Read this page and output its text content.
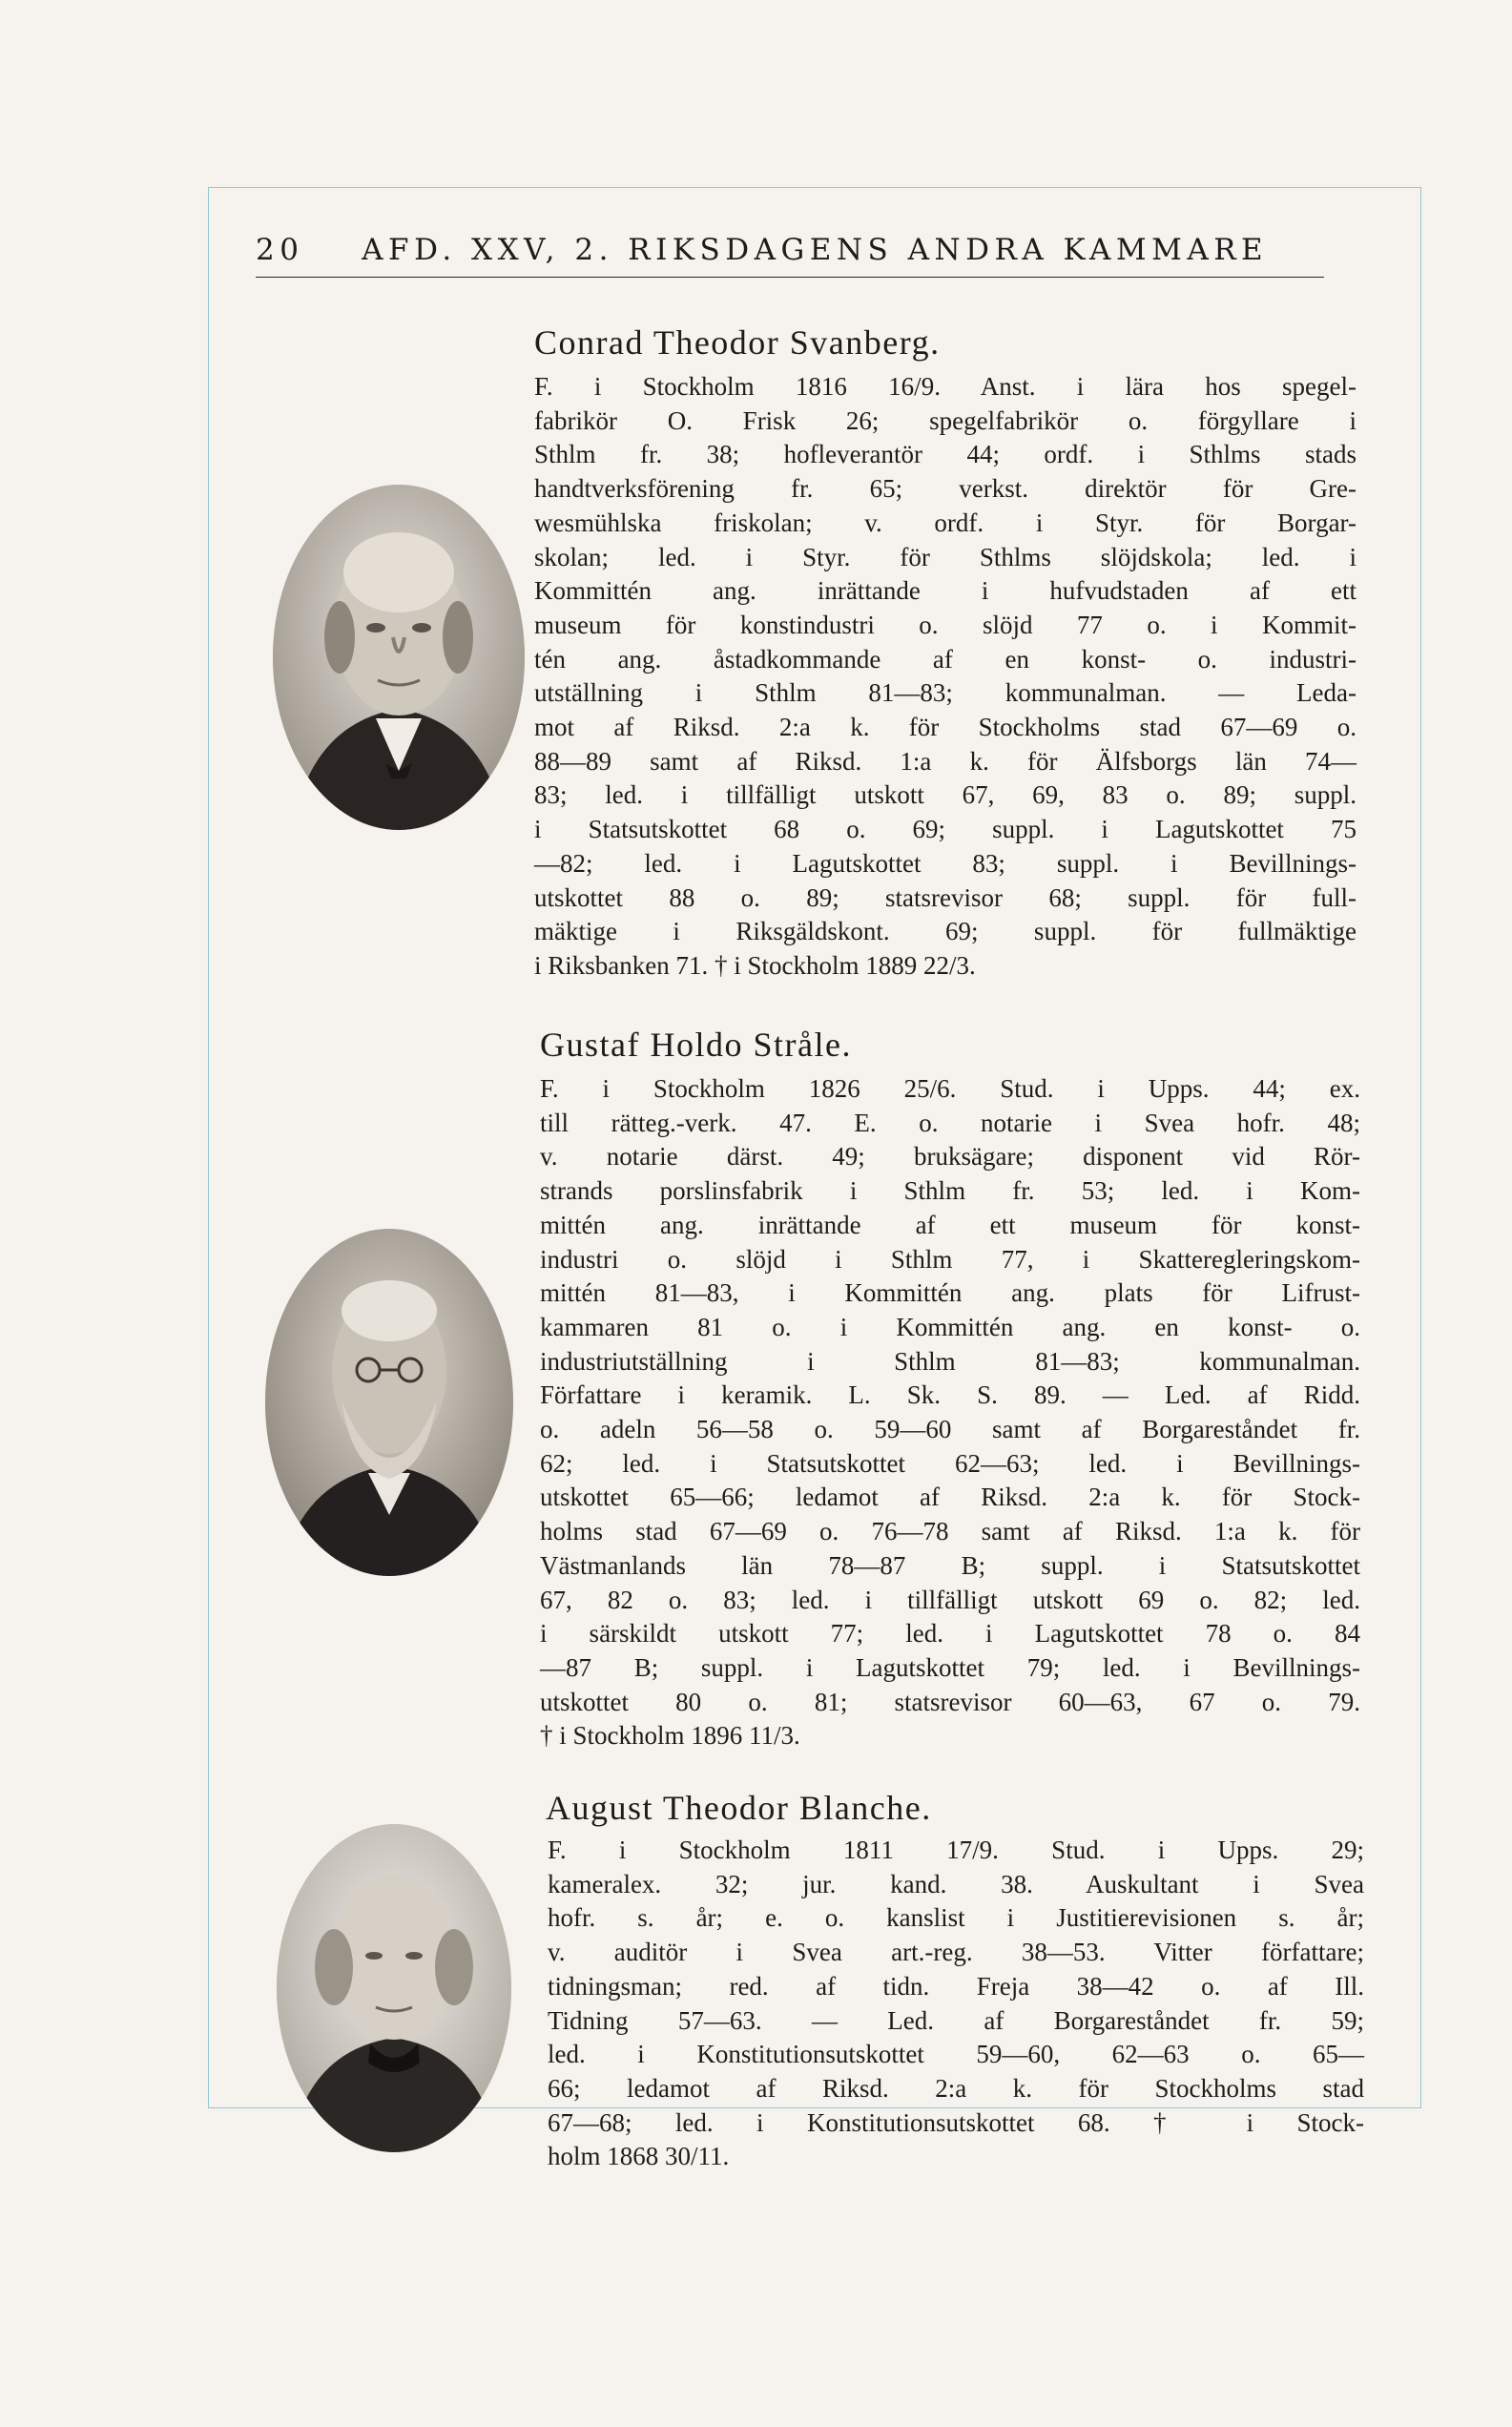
20 AFD. XXV, 2. RIKSDAGENS ANDRA KAMMARE
Conrad Theodor Svanberg.
F. i Stockholm 1816 16/9. Anst. i lära hos spegel-
fabrikör O. Frisk 26; spegelfabrikör o. förgyllare i
Sthlm fr. 38; hofleverantör 44; ordf. i Sthlms stads
handtverksförening fr. 65; verkst. direktör för Gre-
wesmühlska friskolan; v. ordf. i Styr. för Borgar-
skolan; led. i Styr. för Sthlms slöjdskola; led. i
Kommittén ang. inrättande i hufvudstaden af ett
museum för konstindustri o. slöjd 77 o. i Kommit-
tén ang. åstadkommande af en konst- o. industri-
utställning i Sthlm 81—83; kommunalman. — Leda-
mot af Riksd. 2:a k. för Stockholms stad 67—69 o.
88—89 samt af Riksd. 1:a k. för Älfsborgs län 74—
83; led. i tillfälligt utskott 67, 69, 83 o. 89; suppl.
i Statsutskottet 68 o. 69; suppl. i Lagutskottet 75
—82; led. i Lagutskottet 83; suppl. i Bevillnings-
utskottet 88 o. 89; statsrevisor 68; suppl. för full-
mäktige i Riksgäldskont. 69; suppl. för fullmäktige
i Riksbanken 71. † i Stockholm 1889 22/3.
Gustaf Holdo Stråle.
F. i Stockholm 1826 25/6. Stud. i Upps. 44; ex.
till rätteg.-verk. 47. E. o. notarie i Svea hofr. 48;
v. notarie därst. 49; bruksägare; disponent vid Rör-
strands porslinsfabrik i Sthlm fr. 53; led. i Kom-
mittén ang. inrättande af ett museum för konst-
industri o. slöjd i Sthlm 77, i Skatteregleringskom-
mittén 81—83, i Kommittén ang. plats för Lifrust-
kammaren 81 o. i Kommittén ang. en konst- o.
industriutställning i Sthlm 81—83; kommunalman.
Författare i keramik. L. Sk. S. 89. — Led. af Ridd.
o. adeln 56—58 o. 59—60 samt af Borgareståndet fr.
62; led. i Statsutskottet 62—63; led. i Bevillnings-
utskottet 65—66; ledamot af Riksd. 2:a k. för Stock-
holms stad 67—69 o. 76—78 samt af Riksd. 1:a k. för
Västmanlands län 78—87 B; suppl. i Statsutskottet
67, 82 o. 83; led. i tillfälligt utskott 69 o. 82; led.
i särskildt utskott 77; led. i Lagutskottet 78 o. 84
—87 B; suppl. i Lagutskottet 79; led. i Bevillnings-
utskottet 80 o. 81; statsrevisor 60—63, 67 o. 79.
† i Stockholm 1896 11/3.
August Theodor Blanche.
F. i Stockholm 1811 17/9. Stud. i Upps. 29;
kameralex. 32; jur. kand. 38. Auskultant i Svea
hofr. s. år; e. o. kanslist i Justitierevisionen s. år;
v. auditör i Svea art.-reg. 38—53. Vitter författare;
tidningsman; red. af tidn. Freja 38—42 o. af Ill.
Tidning 57—63. — Led. af Borgareståndet fr. 59;
led. i Konstitutionsutskottet 59—60, 62—63 o. 65—
66; ledamot af Riksd. 2:a k. för Stockholms stad
67—68; led. i Konstitutionsutskottet 68. † i Stock-
holm 1868 30/11.
